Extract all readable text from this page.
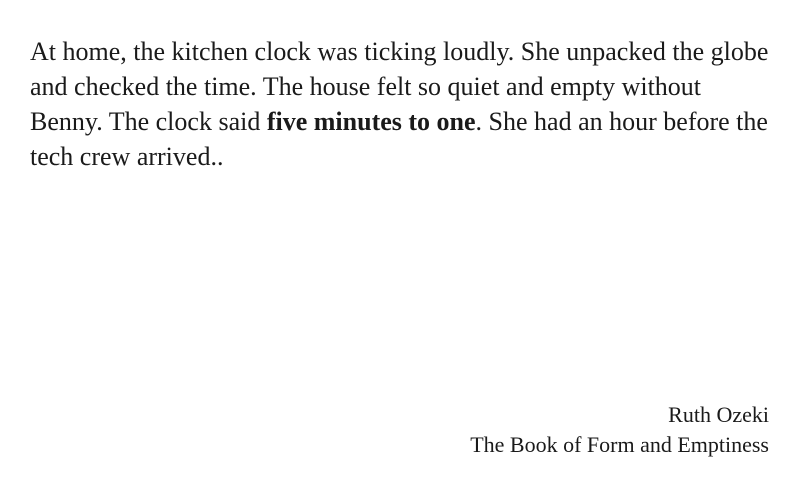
At home, the kitchen clock was ticking loudly. She unpacked the globe and checked the time. The house felt so quiet and empty without Benny. The clock said five minutes to one. She had an hour before the tech crew arrived..

Ruth Ozeki
The Book of Form and Emptiness
